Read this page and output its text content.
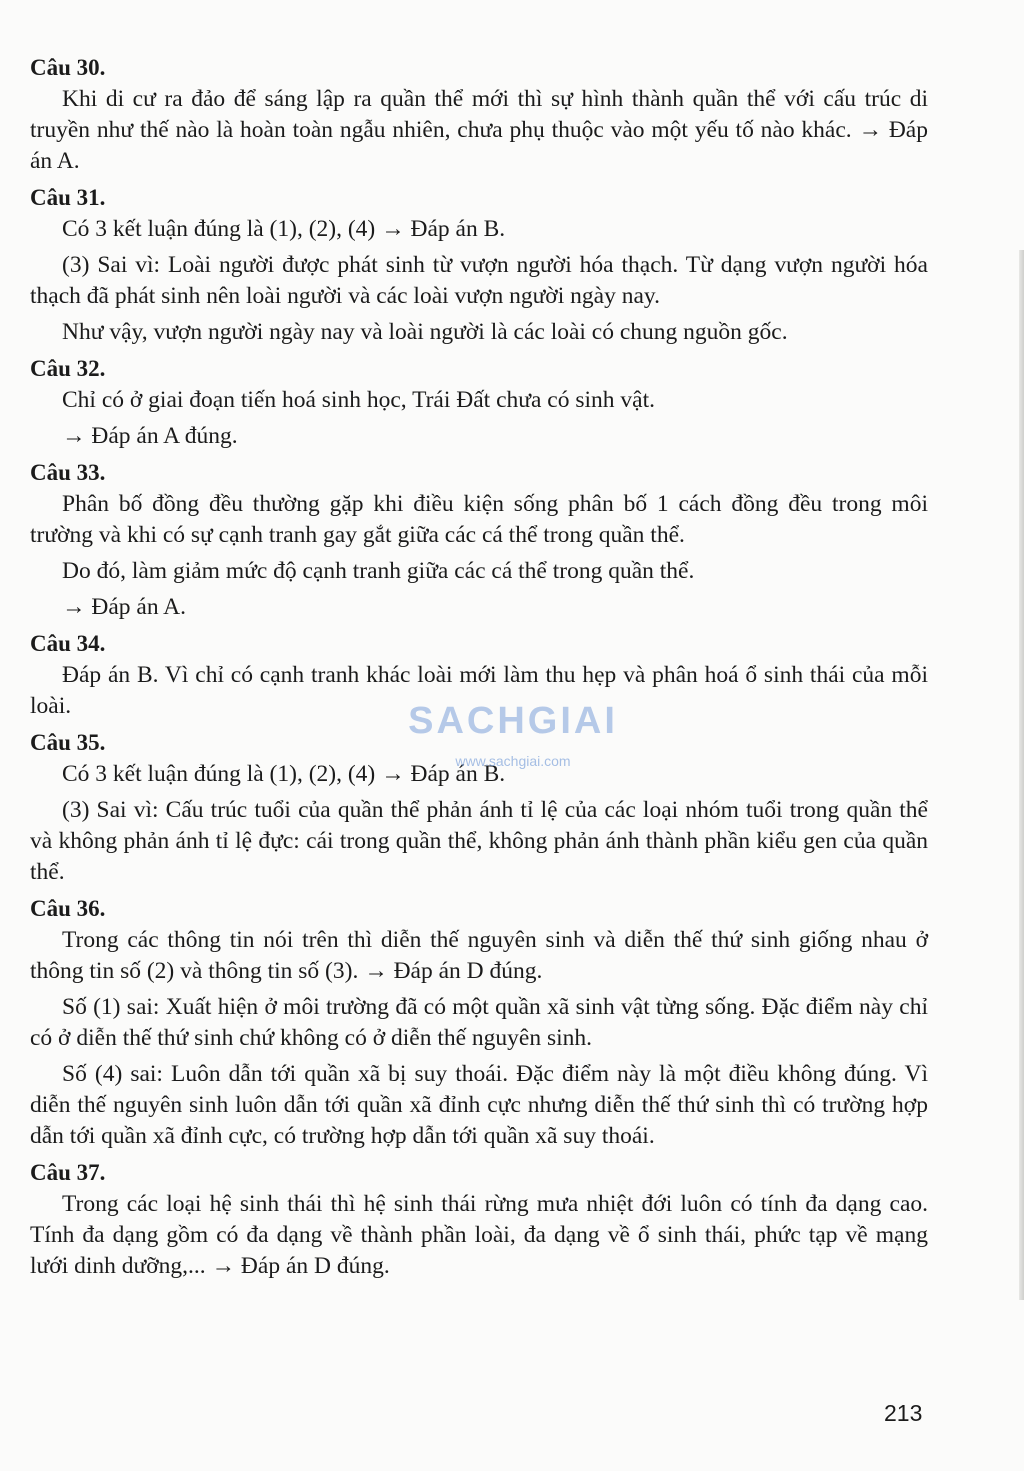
Câu 30.

Khi di cư ra đảo để sáng lập ra quần thể mới thì sự hình thành quần thể với cấu trúc di truyền như thế nào là hoàn toàn ngẫu nhiên, chưa phụ thuộc vào một yếu tố nào khác. → Đáp án A.

Câu 31.

Có 3 kết luận đúng là (1), (2), (4) → Đáp án B.

(3) Sai vì: Loài người được phát sinh từ vượn người hóa thạch. Từ dạng vượn người hóa thạch đã phát sinh nên loài người và các loài vượn người ngày nay.

Như vậy, vượn người ngày nay và loài người là các loài có chung nguồn gốc.

Câu 32.

Chỉ có ở giai đoạn tiến hoá sinh học, Trái Đất chưa có sinh vật.

→ Đáp án A đúng.

Câu 33.

Phân bố đồng đều thường gặp khi điều kiện sống phân bố 1 cách đồng đều trong môi trường và khi có sự cạnh tranh gay gắt giữa các cá thể trong quần thể.

Do đó, làm giảm mức độ cạnh tranh giữa các cá thể trong quần thể.

→ Đáp án A.

Câu 34.

Đáp án B. Vì chỉ có cạnh tranh khác loài mới làm thu hẹp và phân hoá ổ sinh thái của mỗi loài.

Câu 35.

Có 3 kết luận đúng là (1), (2), (4) → Đáp án B.

(3) Sai vì: Cấu trúc tuổi của quần thể phản ánh tỉ lệ của các loại nhóm tuổi trong quần thể và không phản ánh tỉ lệ đực: cái trong quần thể, không phản ánh thành phần kiểu gen của quần thể.

Câu 36.

Trong các thông tin nói trên thì diễn thế nguyên sinh và diễn thế thứ sinh giống nhau ở thông tin số (2) và thông tin số (3). → Đáp án D đúng.

Số (1) sai: Xuất hiện ở môi trường đã có một quần xã sinh vật từng sống. Đặc điểm này chỉ có ở diễn thế thứ sinh chứ không có ở diễn thế nguyên sinh.

Số (4) sai: Luôn dẫn tới quần xã bị suy thoái. Đặc điểm này là một điều không đúng. Vì diễn thế nguyên sinh luôn dẫn tới quần xã đỉnh cực nhưng diễn thế thứ sinh thì có trường hợp dẫn tới quần xã đỉnh cực, có trường hợp dẫn tới quần xã suy thoái.

Câu 37.

Trong các loại hệ sinh thái thì hệ sinh thái rừng mưa nhiệt đới luôn có tính đa dạng cao. Tính đa dạng gồm có đa dạng về thành phần loài, đa dạng về ổ sinh thái, phức tạp về mạng lưới dinh dưỡng,... → Đáp án D đúng.

SACHGIAI
www.sachgiai.com
213
